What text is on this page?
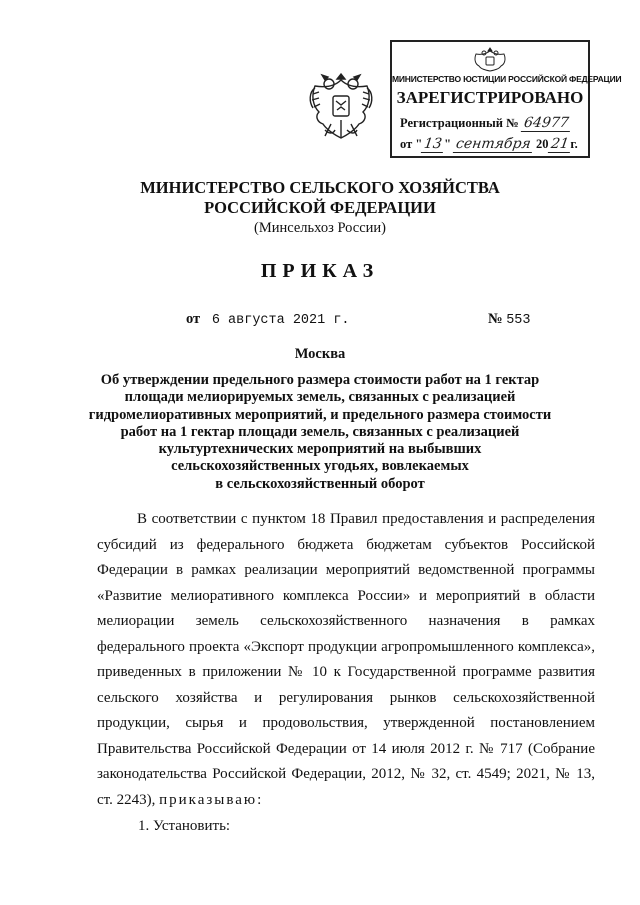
МИНИСТЕРСТВО ЮСТИЦИИ РОССИЙСКОЙ ФЕДЕРАЦИИ
ЗАРЕГИСТРИРОВАНО
Регистрационный № 64977
от "13" сентября 2021г.
МИНИСТЕРСТВО СЕЛЬСКОГО ХОЗЯЙСТВА
РОССИЙСКОЙ ФЕДЕРАЦИИ
(Минсельхоз России)
ПРИКАЗ
от 6 августа 2021 г.	№ 553
Москва
Об утверждении предельного размера стоимости работ на 1 гектар
площади мелиорируемых земель, связанных с реализацией
гидромелиоративных мероприятий, и предельного размера стоимости
работ на 1 гектар площади земель, связанных с реализацией
культуртехнических мероприятий на выбывших
сельскохозяйственных угодьях, вовлекаемых
в сельскохозяйственный оборот

В соответствии с пунктом 18 Правил предоставления и распределения субсидий из федерального бюджета бюджетам субъектов Российской Федерации в рамках реализации мероприятий ведомственной программы «Развитие мелиоративного комплекса России» и мероприятий в области мелиорации земель сельскохозяйственного назначения в рамках федерального проекта «Экспорт продукции агропромышленного комплекса», приведенных в приложении № 10 к Государственной программе развития сельского хозяйства и регулирования рынков сельскохозяйственной продукции, сырья и продовольствия, утвержденной постановлением Правительства Российской Федерации от 14 июля 2012 г. № 717 (Собрание законодательства Российской Федерации, 2012, № 32, ст. 4549; 2021, № 13, ст. 2243), приказываю:

1. Установить:
